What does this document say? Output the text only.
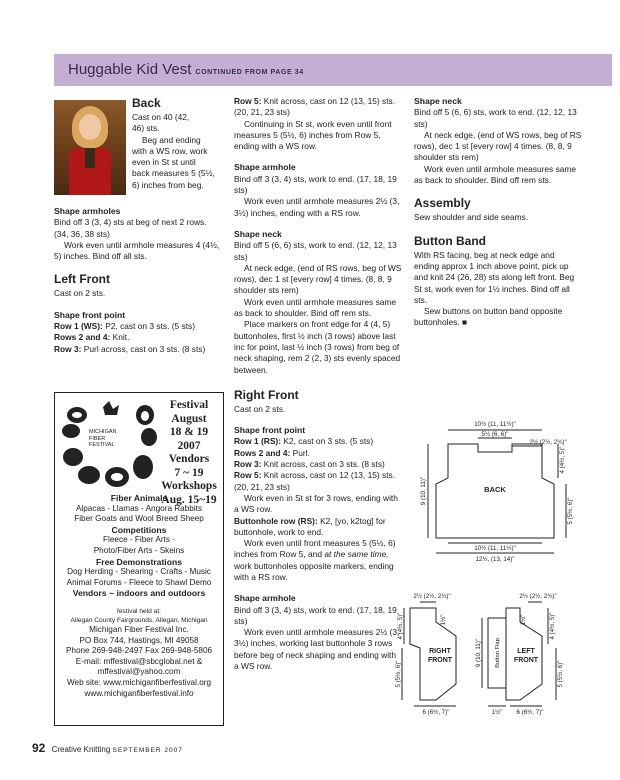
Huggable Kid Vest CONTINUED FROM PAGE 34
Back

Cast on 40 (42,

46) sts.

Beg and ending

with a WS row, work

even in St st until

back measures 5 (5½,

6) inches from beg.

Shape armholes

Bind off 3 (3, 4) sts at beg of next 2 rows. (34, 36, 38 sts)

Work even until armhole measures 4 (4½, 5) inches. Bind off all sts.

Left Front

Cast on 2 sts.

Shape front point

Row 1 (WS): P2, cast on 3 sts. (5 sts)

Rows 2 and 4: Knit.

Row 3: Purl across, cast on 3 sts. (8 sts)

Row 5: Knit across, cast on 12 (13, 15) sts. (20, 21, 23 sts)

Continuing in St st, work even until front measures 5 (5½, 6) inches from Row 5, ending with a WS row.

Shape armhole

Bind off 3 (3, 4) sts, work to end. (17, 18, 19 sts)

Work even until armhole measures 2½ (3, 3½) inches, ending with a RS row.

Shape neck

Bind off 5 (6, 6) sts, work to end. (12, 12, 13 sts)

At neck edge, (end of RS rows, beg of WS rows), dec 1 st [every row] 4 times. (8, 8, 9 shoulder sts rem)

Work even until armhole measures same as back to shoulder. Bind off rem sts.

Place markers on front edge for 4 (4, 5) buttonholes, first ½ inch (3 rows) above last inc for point, last ½ inch (3 rows) from beg of neck shaping, rem 2 (2, 3) sts evenly spaced between.

Right Front

Cast on 2 sts.

Shape front point

Row 1 (RS): K2, cast on 3 sts. (5 sts)

Rows 2 and 4: Purl.

Row 3: Knit across, cast on 3 sts. (8 sts)

Row 5: Knit across, cast on 12 (13, 15) sts. (20, 21, 23 sts)

Work even in St st for 3 rows, ending with a WS row.

Buttonhole row (RS): K2, [yo, k2tog] for buttonhole, work to end.

Work even until front measures 5 (5½, 6) inches from Row 5, and at the same time, work buttonholes opposite markers, ending with a RS row.

Shape armhole

Bind off 3 (3, 4) sts, work to end. (17, 18, 19 sts)

Work even until armhole measures 2½ (3, 3½) inches, working last buttonhole 3 rows before beg of neck shaping and ending with a WS row.

Shape neck

Bind off 5 (6, 6) sts, work to end. (12, 12, 13 sts)

At neck edge, (end of WS rows, beg of RS rows), dec 1 st [every row] 4 times. (8, 8, 9 shoulder sts rem)

Work even until armhole measures same as back to shoulder. Bind off rem sts.

Assembly

Sew shoulder and side seams.

Button Band

With RS facing, beg at neck edge and ending approx 1 inch above point, pick up and knit 24 (26, 28) sts along left front. Beg St st, work even for 1½ inches. Bind off all sts.

Sew buttons on button band opposite buttonholes. ■

10½ (11, 11½)"
5½ (6, 6)"
2½ (2½, 2¾)"
BACK
10½ (11, 11½)"
12½, (13, 14)"
9 (10, 11)"
4 (4½, 5)"
5 (5½, 6)"
2½ (2½, 2¾)"
1½"
4 (4½, 5)"
5 (5½, 6)"
RIGHT
FRONT
6 (6½, 7)"
9 (10, 11)" Button Flap
2½ (2½, 2¾)"
1½"	4 (4½, 5)"
5 (5½, 6)"
LEFT
FRONT
1½" 6 (6½, 7)"
MICHIGAN
FIBER
FESTIVAL
Festival
August
18 & 19
2007
Vendors
7 ~ 19
Workshops
Aug. 15~19
Fiber Animals
Alpacas - Llamas - Angora Rabbits
Fiber Goats and Wool Breed Sheep
Competitions
Fleece - Fiber Arts -
Photo/Fiber Arts - Skeins
Free Demonstrations
Dog Herding - Shearing - Crafts - Music
Animal Forums - Fleece to Shawl Demo
Vendors ~ indoors and outdoors
festival held at:
Allegan County Fairgrounds, Allegan, Michigan
Michigan Fiber Festival Inc.
PO Box 744, Hastings, MI 49058
Phone 269-948-2497 Fax 269-948-5806
E-mail: mffestival@sbcglobal.net &
mffestival@yahoo.com
Web site: www.michiganfiberfestival.org
www.michiganfiberfestival.info
92 Creative Knitting SEPTEMBER 2007
